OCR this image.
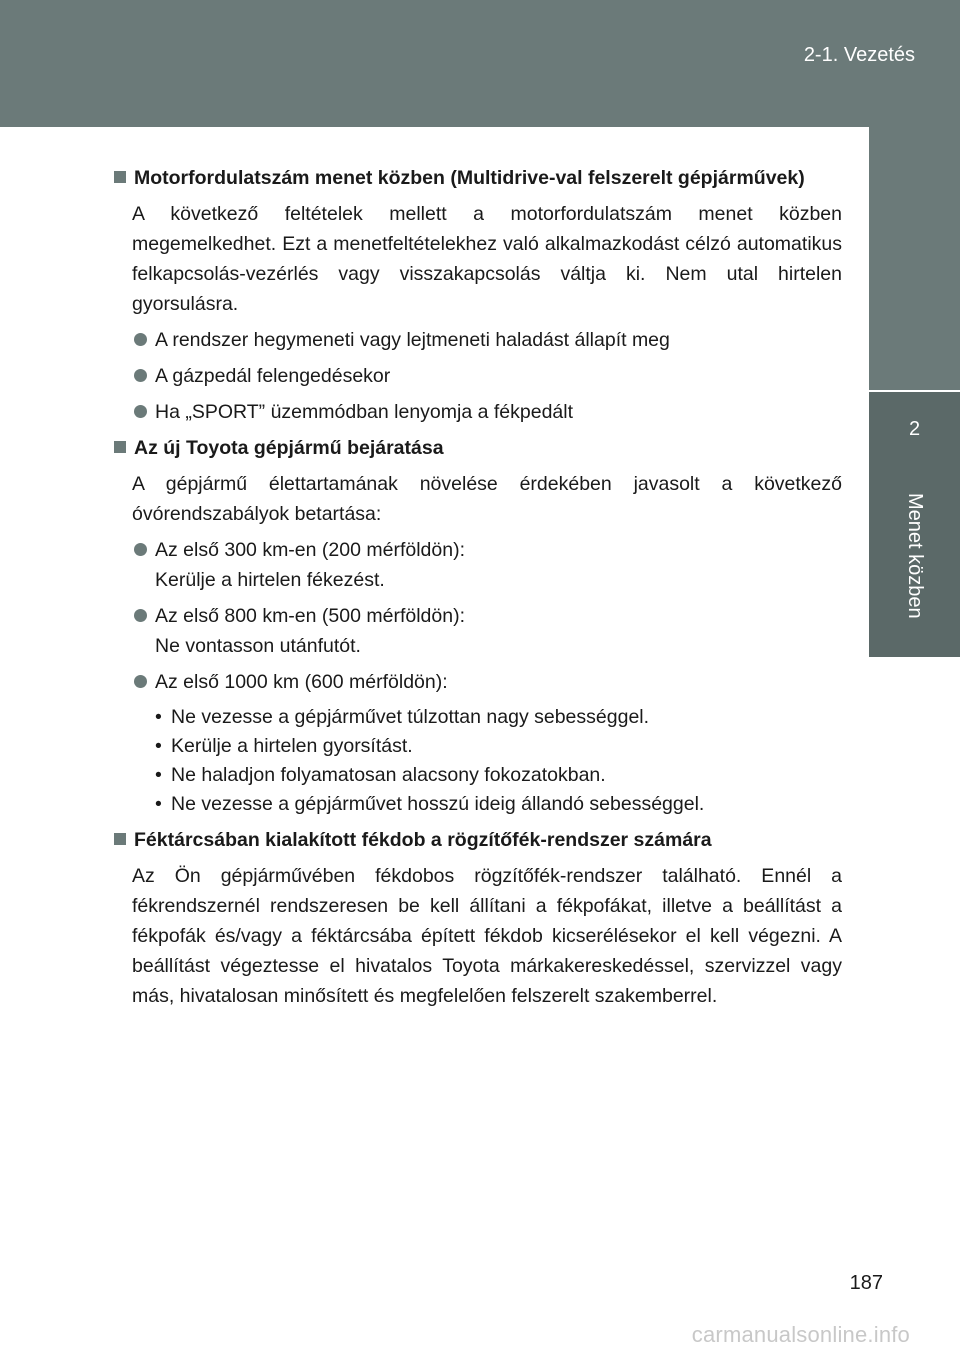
2-1. Vezetés
2
Menet közben
Motorfordulatszám menet közben (Multidrive-val felszerelt gépjárművek)

A következő feltételek mellett a motorfordulatszám menet közben megemelkedhet. Ezt a menetfeltételekhez való alkalmazkodást célzó automatikus felkapcsolás-vezérlés vagy visszakapcsolás váltja ki. Nem utal hirtelen gyorsulásra.

A rendszer hegymeneti vagy lejtmeneti haladást állapít meg
A gázpedál felengedésekor
Ha „SPORT” üzemmódban lenyomja a fékpedált
Az új Toyota gépjármű bejáratása

A gépjármű élettartamának növelése érdekében javasolt a következő óvórendszabályok betartása:

Az első 300 km-en (200 mérföldön):
Kerülje a hirtelen fékezést.
Az első 800 km-en (500 mérföldön):
Ne vontasson utánfutót.
Az első 1000 km (600 mérföldön):
• Ne vezesse a gépjárművet túlzottan nagy sebességgel.
• Kerülje a hirtelen gyorsítást.
• Ne haladjon folyamatosan alacsony fokozatokban.
• Ne vezesse a gépjárművet hosszú ideig állandó sebességgel.
Féktárcsában kialakított fékdob a rögzítőfék-rendszer számára

Az Ön gépjárművében fékdobos rögzítőfék-rendszer található. Ennél a fékrendszernél rendszeresen be kell állítani a fékpofákat, illetve a beállítást a fékpofák és/vagy a féktárcsába épített fékdob kicserélésekor el kell végezni. A beállítást végeztesse el hivatalos Toyota márkakereskedéssel, szervizzel vagy más, hivatalosan minősített és megfelelően felszerelt szakemberrel.

187
carmanualsonline.info
